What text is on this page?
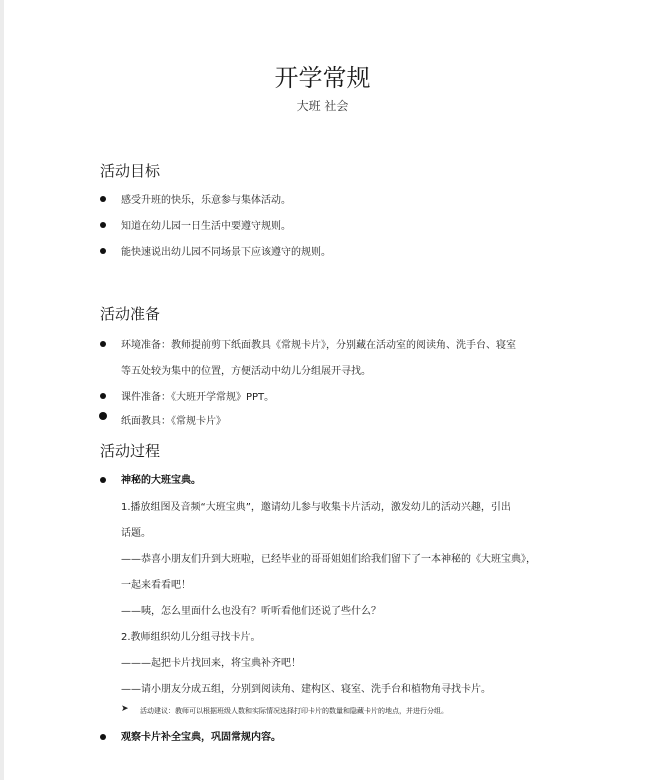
开学常规
大班 社会
活动目标
感受升班的快乐，乐意参与集体活动。
知道在幼儿园一日生活中要遵守规则。
能快速说出幼儿园不同场景下应该遵守的规则。
活动准备
环境准备：教师提前剪下纸面教具《常规卡片》，分别藏在活动室的阅读角、洗手台、寝室
等五处较为集中的位置，方便活动中幼儿分组展开寻找。
课件准备：《大班开学常规》PPT。
纸面教具：《常规卡片》
活动过程
神秘的大班宝典。
1.播放组图及音频“大班宝典”，邀请幼儿参与收集卡片活动，激发幼儿的活动兴趣，引出
话题。
——恭喜小朋友们升到大班啦，已经毕业的哥哥姐姐们给我们留下了一本神秘的《大班宝典》，
一起来看看吧！
——咦，怎么里面什么也没有？听听看他们还说了些什么？
2.教师组织幼儿分组寻找卡片。
———起把卡片找回来，将宝典补齐吧！
——请小朋友分成五组，分别到阅读角、建构区、寝室、洗手台和植物角寻找卡片。
➤ 活动建议：教师可以根据班级人数和实际情况选择打印卡片的数量和隐藏卡片的地点，并进行分组。
观察卡片补全宝典，巩固常规内容。
